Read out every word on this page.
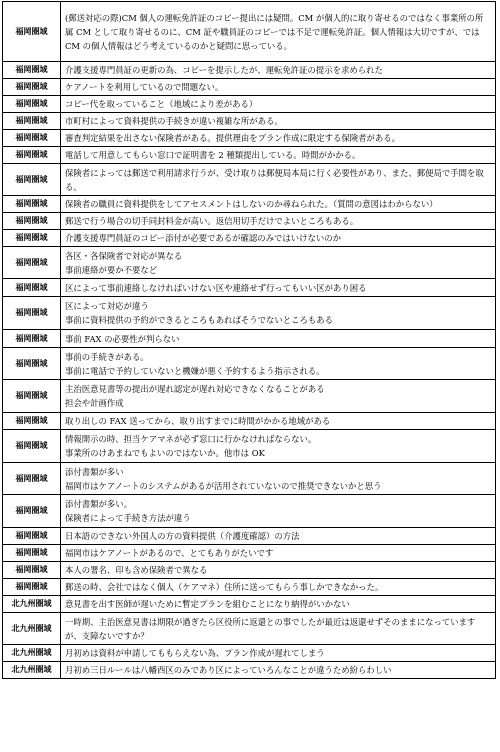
福岡圏域	(郵送対応の際)CM 個人の運転免許証のコピー提出には疑問。CM が個人的に取り寄せるのではなく事業所の所属 CM として取り寄せるのに、CM 証や職員証のコピーでは不足で運転免許証。個人情報は大切ですが、では CM の個人情報はどう考えているのかと疑問に思っている。

福岡圏域	介護支援専門員証の更新の為、コピーを提示したが、運転免許証の提示を求められた

福岡圏域	ケアノートを利用しているので問題ない。

福岡圏域	コピー代を取っていること（地域により差がある）

福岡圏域	市町村によって資料提供の手続きが違い複雑な所がある。

福岡圏域	審査判定結果を出さない保険者がある。提供理由をプラン作成に限定する保険者がある。

福岡圏域	電話して用意してもらい窓口で証明書を 2 種類提出している。時間がかかる。

福岡圏域	保険者によっては郵送で利用請求行うが、受け取りは郵便局本局に行く必要性があり、また、郵便局で手間を取る。

福岡圏域	保険者の職員に資料提供をしてアセスメントはしないのか尋ねられた。（質問の意図はわからない）

福岡圏域	郵送で行う場合の切手同封料金が高い。返信用切手だけでよいところもある。

福岡圏域	介護支援専門員証のコピー添付が必要であるが確認のみではいけないのか

福岡圏域	各区・各保険者で対応が異なる
事前連絡が要か不要など

福岡圏域	区によって事前連絡しなければいけない区や連絡せず行ってもいい区があり困る

福岡圏域	区によって対応が違う
事前に資料提供の予約ができるところもあればそうでないところもある

福岡圏域	事前 FAX の必要性が判らない

福岡圏域	事前の手続きがある。
事前に電話で予約していないと機嫌が悪く予約するよう指示される。

福岡圏域	主治医意見書等の提出が遅れ認定が遅れ対応できなくなることがある
担会や計画作成

福岡圏域	取り出しの FAX 送ってから、取り出すまでに時間がかかる地域がある

福岡圏域	情報開示の時、担当ケアマネが必ず窓口に行かなければならない。
事業所のけあまねでもよいのではないか。他市は OK

福岡圏域	添付書類が多い
福岡市はケアノートのシステムがあるが活用されていないので推奨できないかと思う

福岡圏域	添付書類が多い。
保険者によって手続き方法が違う

福岡圏域	日本語のできない外国人の方の資料提供（介護度確認）の方法

福岡圏域	福岡市はケアノートがあるので、とてもありがたいです

福岡圏域	本人の署名、印も含め保険者で異なる

福岡圏域	郵送の時、会社ではなく個人（ケアマネ）住所に送ってもらう事しかできなかった。

北九州圏域	意見書を出す医師が遅いために暫定プランを組むことになり納得がいかない

北九州圏域	一時期、主治医意見書は期限が過ぎたら区役所に返還との事でしたが最近は返還せずそのままになっていますが、支障ないですか？

北九州圏域	月初めは資料が申請してももらえない為、プラン作成が遅れてしまう

北九州圏域	月初め三日ルールは八幡西区のみであり区によっていろんなことが違うため紛らわしい
